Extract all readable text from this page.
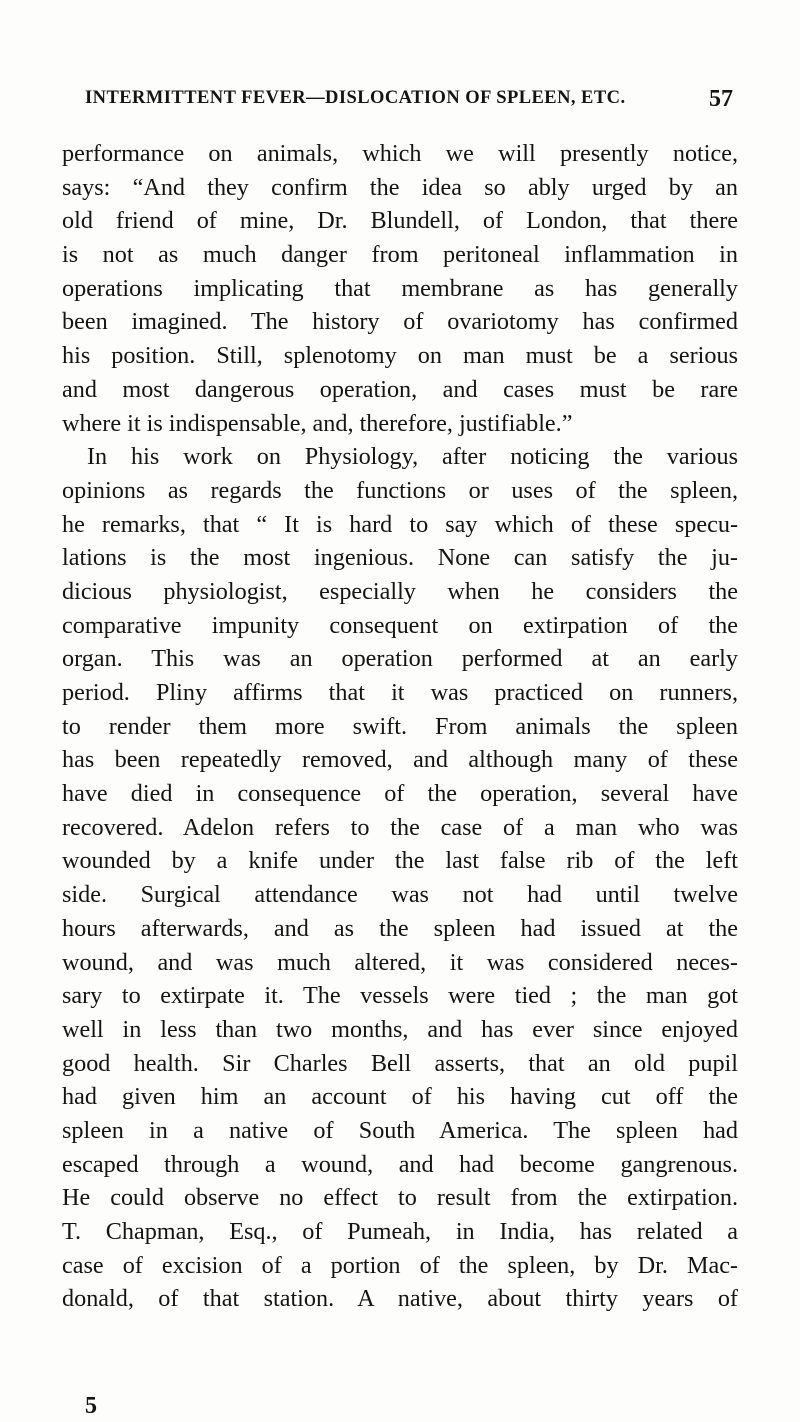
INTERMITTENT FEVER—DISLOCATION OF SPLEEN, ETC.	57
performance on animals, which we will presently notice,
says: “And they confirm the idea so ably urged by an
old friend of mine, Dr. Blundell, of London, that there
is not as much danger from peritoneal inflammation in
operations implicating that membrane as has generally
been imagined. The history of ovariotomy has confirmed
his position. Still, splenotomy on man must be a serious
and most dangerous operation, and cases must be rare
where it is indispensable, and, therefore, justifiable.”
In his work on Physiology, after noticing the various
opinions as regards the functions or uses of the spleen,
he remarks, that “ It is hard to say which of these specu-
lations is the most ingenious. None can satisfy the ju-
dicious physiologist, especially when he considers the
comparative impunity consequent on extirpation of the
organ. This was an operation performed at an early
period. Pliny affirms that it was practiced on runners,
to render them more swift. From animals the spleen
has been repeatedly removed, and although many of these
have died in consequence of the operation, several have
recovered. Adelon refers to the case of a man who was
wounded by a knife under the last false rib of the left
side. Surgical attendance was not had until twelve
hours afterwards, and as the spleen had issued at the
wound, and was much altered, it was considered neces-
sary to extirpate it. The vessels were tied ; the man got
well in less than two months, and has ever since enjoyed
good health. Sir Charles Bell asserts, that an old pupil
had given him an account of his having cut off the
spleen in a native of South America. The spleen had
escaped through a wound, and had become gangrenous.
He could observe no effect to result from the extirpation.
T. Chapman, Esq., of Pumeah, in India, has related a
case of excision of a portion of the spleen, by Dr. Mac-
donald, of that station. A native, about thirty years of
5
